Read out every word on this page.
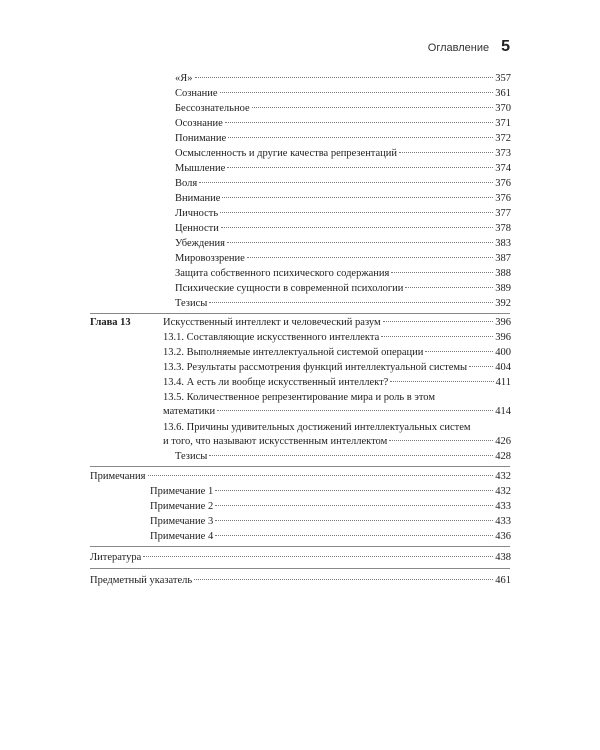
Оглавление 5
«Я»	357
Сознание	361
Бессознательное	370
Осознание	371
Понимание	372
Осмысленность и другие качества репрезентаций	373
Мышление	374
Воля	376
Внимание	376
Личность	377
Ценности	378
Убеждения	383
Мировоззрение	387
Защита собственного психического содержания	388
Психические сущности в современной психологии	389
Тезисы	392
Глава 13	Искусственный интеллект и человеческий разум	396
13.1. Составляющие искусственного интеллекта	396
13.2. Выполняемые интеллектуальной системой операции	400
13.3. Результаты рассмотрения функций интеллектуальной системы	404
13.4. А есть ли вообще искусственный интеллект?	411
13.5. Количественное репрезентирование мира и роль в этом
математики	414
13.6. Причины удивительных достижений интеллектуальных систем
и того, что называют искусственным интеллектом	426
Тезисы	428
Примечания	432
Примечание 1	432
Примечание 2	433
Примечание 3	433
Примечание 4	436
Литература	438
Предметный указатель	461
